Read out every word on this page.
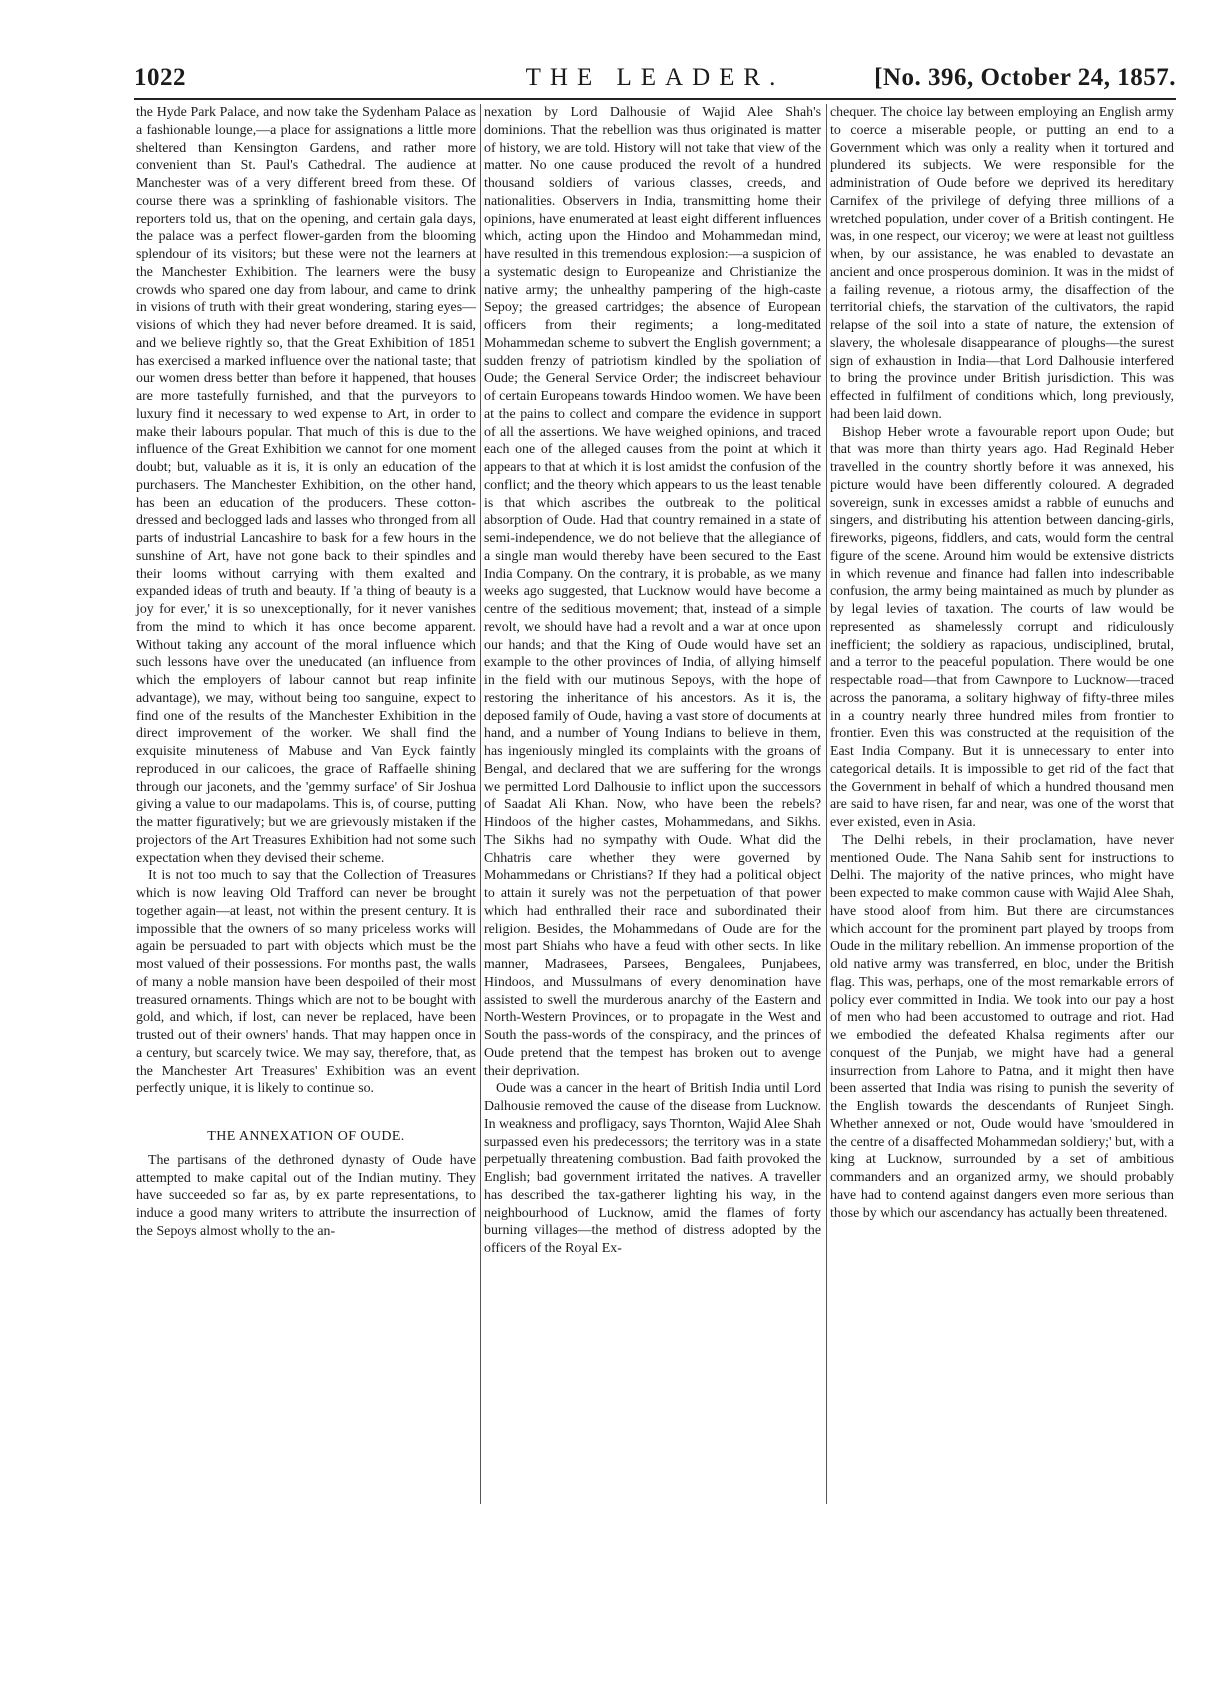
1022	THE LEADER.	[No. 396, October 24, 1857.

the Hyde Park Palace, and now take the Sydenham Palace as a fashionable lounge,—a place for assignations a little more sheltered than Kensington Gardens, and rather more convenient than St. Paul's Cathedral. The audience at Manchester was of a very different breed from these. Of course there was a sprinkling of fashionable visitors. The reporters told us, that on the opening, and certain gala days, the palace was a perfect flower-garden from the blooming splendour of its visitors; but these were not the learners at the Manchester Exhibition. The learners were the busy crowds who spared one day from labour, and came to drink in visions of truth with their great wondering, staring eyes—visions of which they had never before dreamed. It is said, and we believe rightly so, that the Great Exhibition of 1851 has exercised a marked influence over the national taste; that our women dress better than before it happened, that houses are more tastefully furnished, and that the purveyors to luxury find it necessary to wed expense to Art, in order to make their labours popular. That much of this is due to the influence of the Great Exhibition we cannot for one moment doubt; but, valuable as it is, it is only an education of the purchasers. The Manchester Exhibition, on the other hand, has been an education of the producers. These cotton-dressed and beclogged lads and lasses who thronged from all parts of industrial Lancashire to bask for a few hours in the sunshine of Art, have not gone back to their spindles and their looms without carrying with them exalted and expanded ideas of truth and beauty. If 'a thing of beauty is a joy for ever,' it is so unexceptionally, for it never vanishes from the mind to which it has once become apparent. Without taking any account of the moral influence which such lessons have over the uneducated (an influence from which the employers of labour cannot but reap infinite advantage), we may, without being too sanguine, expect to find one of the results of the Manchester Exhibition in the direct improvement of the worker. We shall find the exquisite minuteness of Mabuse and Van Eyck faintly reproduced in our calicoes, the grace of Raffaelle shining through our jaconets, and the 'gemmy surface' of Sir Joshua giving a value to our madapolams. This is, of course, putting the matter figuratively; but we are grievously mistaken if the projectors of the Art Treasures Exhibition had not some such expectation when they devised their scheme.

It is not too much to say that the Collection of Treasures which is now leaving Old Trafford can never be brought together again—at least, not within the present century. It is impossible that the owners of so many priceless works will again be persuaded to part with objects which must be the most valued of their possessions. For months past, the walls of many a noble mansion have been despoiled of their most treasured ornaments. Things which are not to be bought with gold, and which, if lost, can never be replaced, have been trusted out of their owners' hands. That may happen once in a century, but scarcely twice. We may say, therefore, that, as the Manchester Art Treasures' Exhibition was an event perfectly unique, it is likely to continue so.

THE ANNEXATION OF OUDE.

The partisans of the dethroned dynasty of Oude have attempted to make capital out of the Indian mutiny. They have succeeded so far as, by ex parte representations, to induce a good many writers to attribute the insurrection of the Sepoys almost wholly to the an-

nexation by Lord Dalhousie of Wajid Alee Shah's dominions. That the rebellion was thus originated is matter of history, we are told. History will not take that view of the matter. No one cause produced the revolt of a hundred thousand soldiers of various classes, creeds, and nationalities. Observers in India, transmitting home their opinions, have enumerated at least eight different influences which, acting upon the Hindoo and Mohammedan mind, have resulted in this tremendous explosion:—a suspicion of a systematic design to Europeanize and Christianize the native army; the unhealthy pampering of the high-caste Sepoy; the greased cartridges; the absence of European officers from their regiments; a long-meditated Mohammedan scheme to subvert the English government; a sudden frenzy of patriotism kindled by the spoliation of Oude; the General Service Order; the indiscreet behaviour of certain Europeans towards Hindoo women. We have been at the pains to collect and compare the evidence in support of all the assertions. We have weighed opinions, and traced each one of the alleged causes from the point at which it appears to that at which it is lost amidst the confusion of the conflict; and the theory which appears to us the least tenable is that which ascribes the outbreak to the political absorption of Oude. Had that country remained in a state of semi-independence, we do not believe that the allegiance of a single man would thereby have been secured to the East India Company. On the contrary, it is probable, as we many weeks ago suggested, that Lucknow would have become a centre of the seditious movement; that, instead of a simple revolt, we should have had a revolt and a war at once upon our hands; and that the King of Oude would have set an example to the other provinces of India, of allying himself in the field with our mutinous Sepoys, with the hope of restoring the inheritance of his ancestors. As it is, the deposed family of Oude, having a vast store of documents at hand, and a number of Young Indians to believe in them, has ingeniously mingled its complaints with the groans of Bengal, and declared that we are suffering for the wrongs we permitted Lord Dalhousie to inflict upon the successors of Saadat Ali Khan. Now, who have been the rebels? Hindoos of the higher castes, Mohammedans, and Sikhs. The Sikhs had no sympathy with Oude. What did the Chhatris care whether they were governed by Mohammedans or Christians? If they had a political object to attain it surely was not the perpetuation of that power which had enthralled their race and subordinated their religion. Besides, the Mohammedans of Oude are for the most part Shiahs who have a feud with other sects. In like manner, Madrasees, Parsees, Bengalees, Punjabees, Hindoos, and Mussulmans of every denomination have assisted to swell the murderous anarchy of the Eastern and North-Western Provinces, or to propagate in the West and South the pass-words of the conspiracy, and the princes of Oude pretend that the tempest has broken out to avenge their deprivation.

Oude was a cancer in the heart of British India until Lord Dalhousie removed the cause of the disease from Lucknow. In weakness and profligacy, says Thornton, Wajid Alee Shah surpassed even his predecessors; the territory was in a state perpetually threatening combustion. Bad faith provoked the English; bad government irritated the natives. A traveller has described the tax-gatherer lighting his way, in the neighbourhood of Lucknow, amid the flames of forty burning villages—the method of distress adopted by the officers of the Royal Ex-

chequer. The choice lay between employing an English army to coerce a miserable people, or putting an end to a Government which was only a reality when it tortured and plundered its subjects. We were responsible for the administration of Oude before we deprived its hereditary Carnifex of the privilege of defying three millions of a wretched population, under cover of a British contingent. He was, in one respect, our viceroy; we were at least not guiltless when, by our assistance, he was enabled to devastate an ancient and once prosperous dominion. It was in the midst of a failing revenue, a riotous army, the disaffection of the territorial chiefs, the starvation of the cultivators, the rapid relapse of the soil into a state of nature, the extension of slavery, the wholesale disappearance of ploughs—the surest sign of exhaustion in India—that Lord Dalhousie interfered to bring the province under British jurisdiction. This was effected in fulfilment of conditions which, long previously, had been laid down.

Bishop Heber wrote a favourable report upon Oude; but that was more than thirty years ago. Had Reginald Heber travelled in the country shortly before it was annexed, his picture would have been differently coloured. A degraded sovereign, sunk in excesses amidst a rabble of eunuchs and singers, and distributing his attention between dancing-girls, fireworks, pigeons, fiddlers, and cats, would form the central figure of the scene. Around him would be extensive districts in which revenue and finance had fallen into indescribable confusion, the army being maintained as much by plunder as by legal levies of taxation. The courts of law would be represented as shamelessly corrupt and ridiculously inefficient; the soldiery as rapacious, undisciplined, brutal, and a terror to the peaceful population. There would be one respectable road—that from Cawnpore to Lucknow—traced across the panorama, a solitary highway of fifty-three miles in a country nearly three hundred miles from frontier to frontier. Even this was constructed at the requisition of the East India Company. But it is unnecessary to enter into categorical details. It is impossible to get rid of the fact that the Government in behalf of which a hundred thousand men are said to have risen, far and near, was one of the worst that ever existed, even in Asia.

The Delhi rebels, in their proclamation, have never mentioned Oude. The Nana Sahib sent for instructions to Delhi. The majority of the native princes, who might have been expected to make common cause with Wajid Alee Shah, have stood aloof from him. But there are circumstances which account for the prominent part played by troops from Oude in the military rebellion. An immense proportion of the old native army was transferred, en bloc, under the British flag. This was, perhaps, one of the most remarkable errors of policy ever committed in India. We took into our pay a host of men who had been accustomed to outrage and riot. Had we embodied the defeated Khalsa regiments after our conquest of the Punjab, we might have had a general insurrection from Lahore to Patna, and it might then have been asserted that India was rising to punish the severity of the English towards the descendants of Runjeet Singh. Whether annexed or not, Oude would have 'smouldered in the centre of a disaffected Mohammedan soldiery;' but, with a king at Lucknow, surrounded by a set of ambitious commanders and an organized army, we should probably have had to contend against dangers even more serious than those by which our ascendancy has actually been threatened.
